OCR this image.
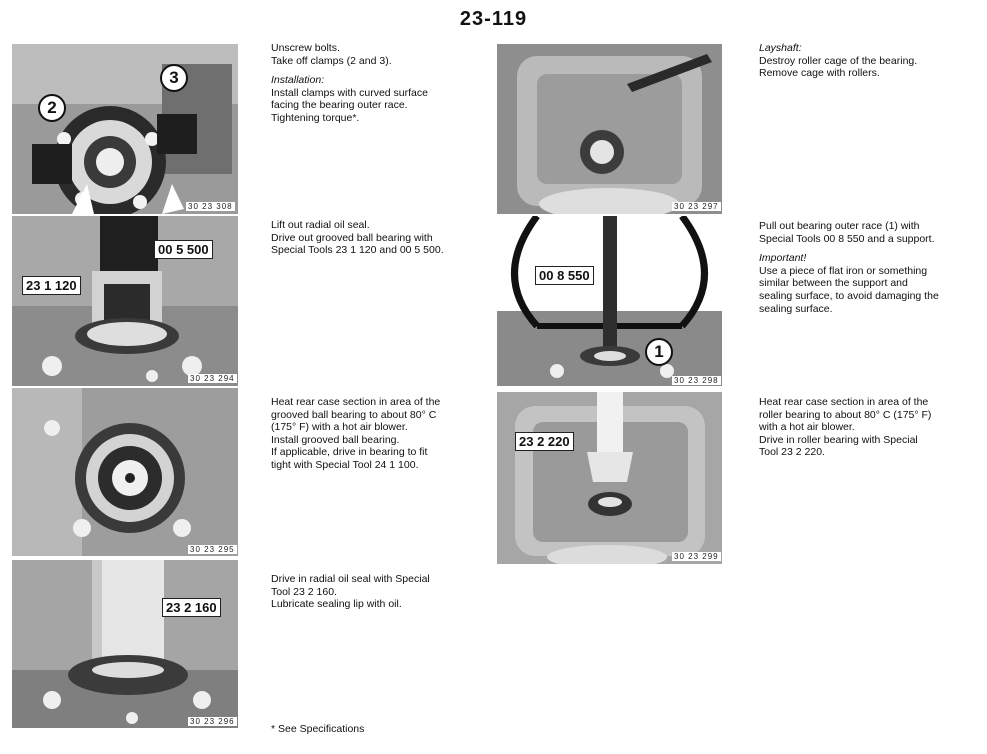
23-119
2
3
30 23 308
00 5 500
23 1 120
30 23 294
30 23 295
23 2 160
30 23 296
30 23 297
00 8 550
1
30 23 298
23 2 220
30 23 299
Unscrew bolts.
Take off clamps (2 and 3).
Installation:
Install clamps with curved surface
facing the bearing outer race.
Tightening torque*.
Lift out radial oil seal.
Drive out grooved ball bearing with
Special Tools 23 1 120 and 00 5 500.
Heat rear case section in area of the
grooved ball bearing to about 80° C
(175° F) with a hot air blower.
Install grooved ball bearing.
If applicable, drive in bearing to fit
tight with Special Tool 24 1 100.
Drive in radial oil seal with Special
Tool 23 2 160.
Lubricate sealing lip with oil.
Layshaft:
Destroy roller cage of the bearing.
Remove cage with rollers.
Pull out bearing outer race (1) with
Special Tools 00 8 550 and a support.
Important!
Use a piece of flat iron or something
similar between the support and
sealing surface, to avoid damaging the
sealing surface.
Heat rear case section in area of the
roller bearing to about 80° C (175° F)
with a hot air blower.
Drive in roller bearing with Special
Tool 23 2 220.
* See Specifications
